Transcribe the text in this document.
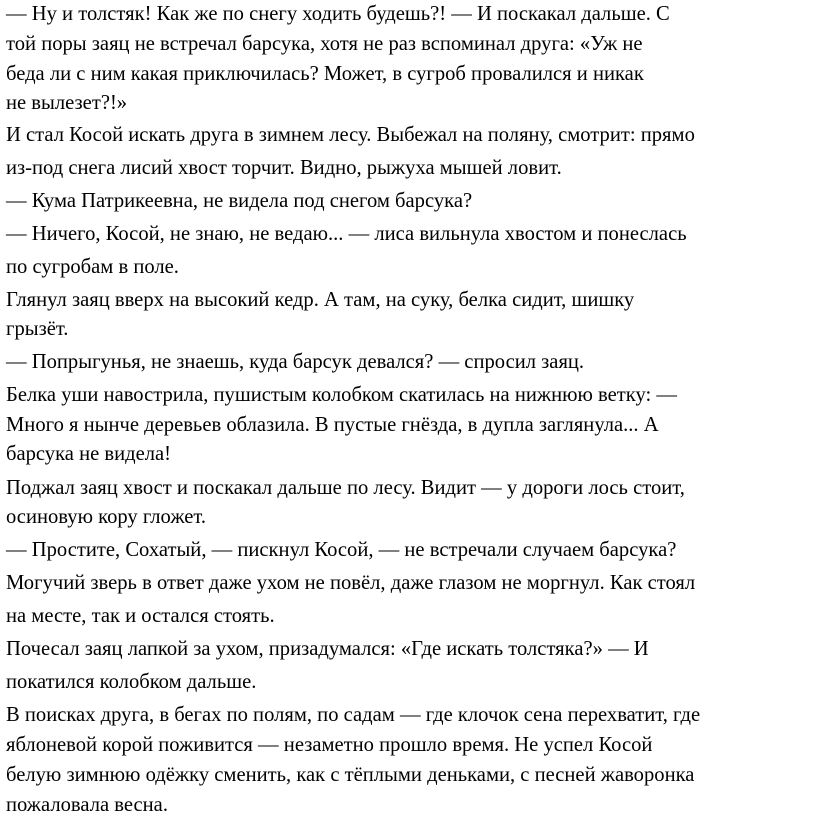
— Ну и толстяк! Как же по снегу ходить будешь?! — И поскакал дальше. С
той поры заяц не встречал барсука, хотя не раз вспоминал друга: «Уж не
беда ли с ним какая приключилась? Может, в сугроб провалился и никак
не вылезет?!»
И стал Косой искать друга в зимнем лесу. Выбежал на поляну, смотрит: прямо
из-под снега лисий хвост торчит. Видно, рыжуха мышей ловит.
— Кума Патрикеевна, не видела под снегом барсука?
— Ничего, Косой, не знаю, не ведаю... — лиса вильнула хвостом и понеслась
по сугробам в поле.
Глянул заяц вверх на высокий кедр. А там, на суку, белка сидит, шишку
грызёт.
— Попрыгунья, не знаешь, куда барсук девался? — спросил заяц.
Белка уши навострила, пушистым колобком скатилась на нижнюю ветку: —
Много я нынче деревьев облазила. В пустые гнёзда, в дупла заглянула... А
барсука не видела!
Поджал заяц хвост и поскакал дальше по лесу. Видит — у дороги лось стоит,
осиновую кору гложет.
— Простите, Сохатый, — пискнул Косой, — не встречали случаем барсука?
Могучий зверь в ответ даже ухом не повёл, даже глазом не моргнул. Как стоял
на месте, так и остался стоять.
Почесал заяц лапкой за ухом, призадумался: «Где искать толстяка?» — И
покатился колобком дальше.
В поисках друга, в бегах по полям, по садам — где клочок сена перехватит, где
яблоневой корой поживится — незаметно прошло время. Не успел Косой
белую зимнюю одёжку сменить, как с тёплыми деньками, с песней жаворонка
пожаловала весна.
